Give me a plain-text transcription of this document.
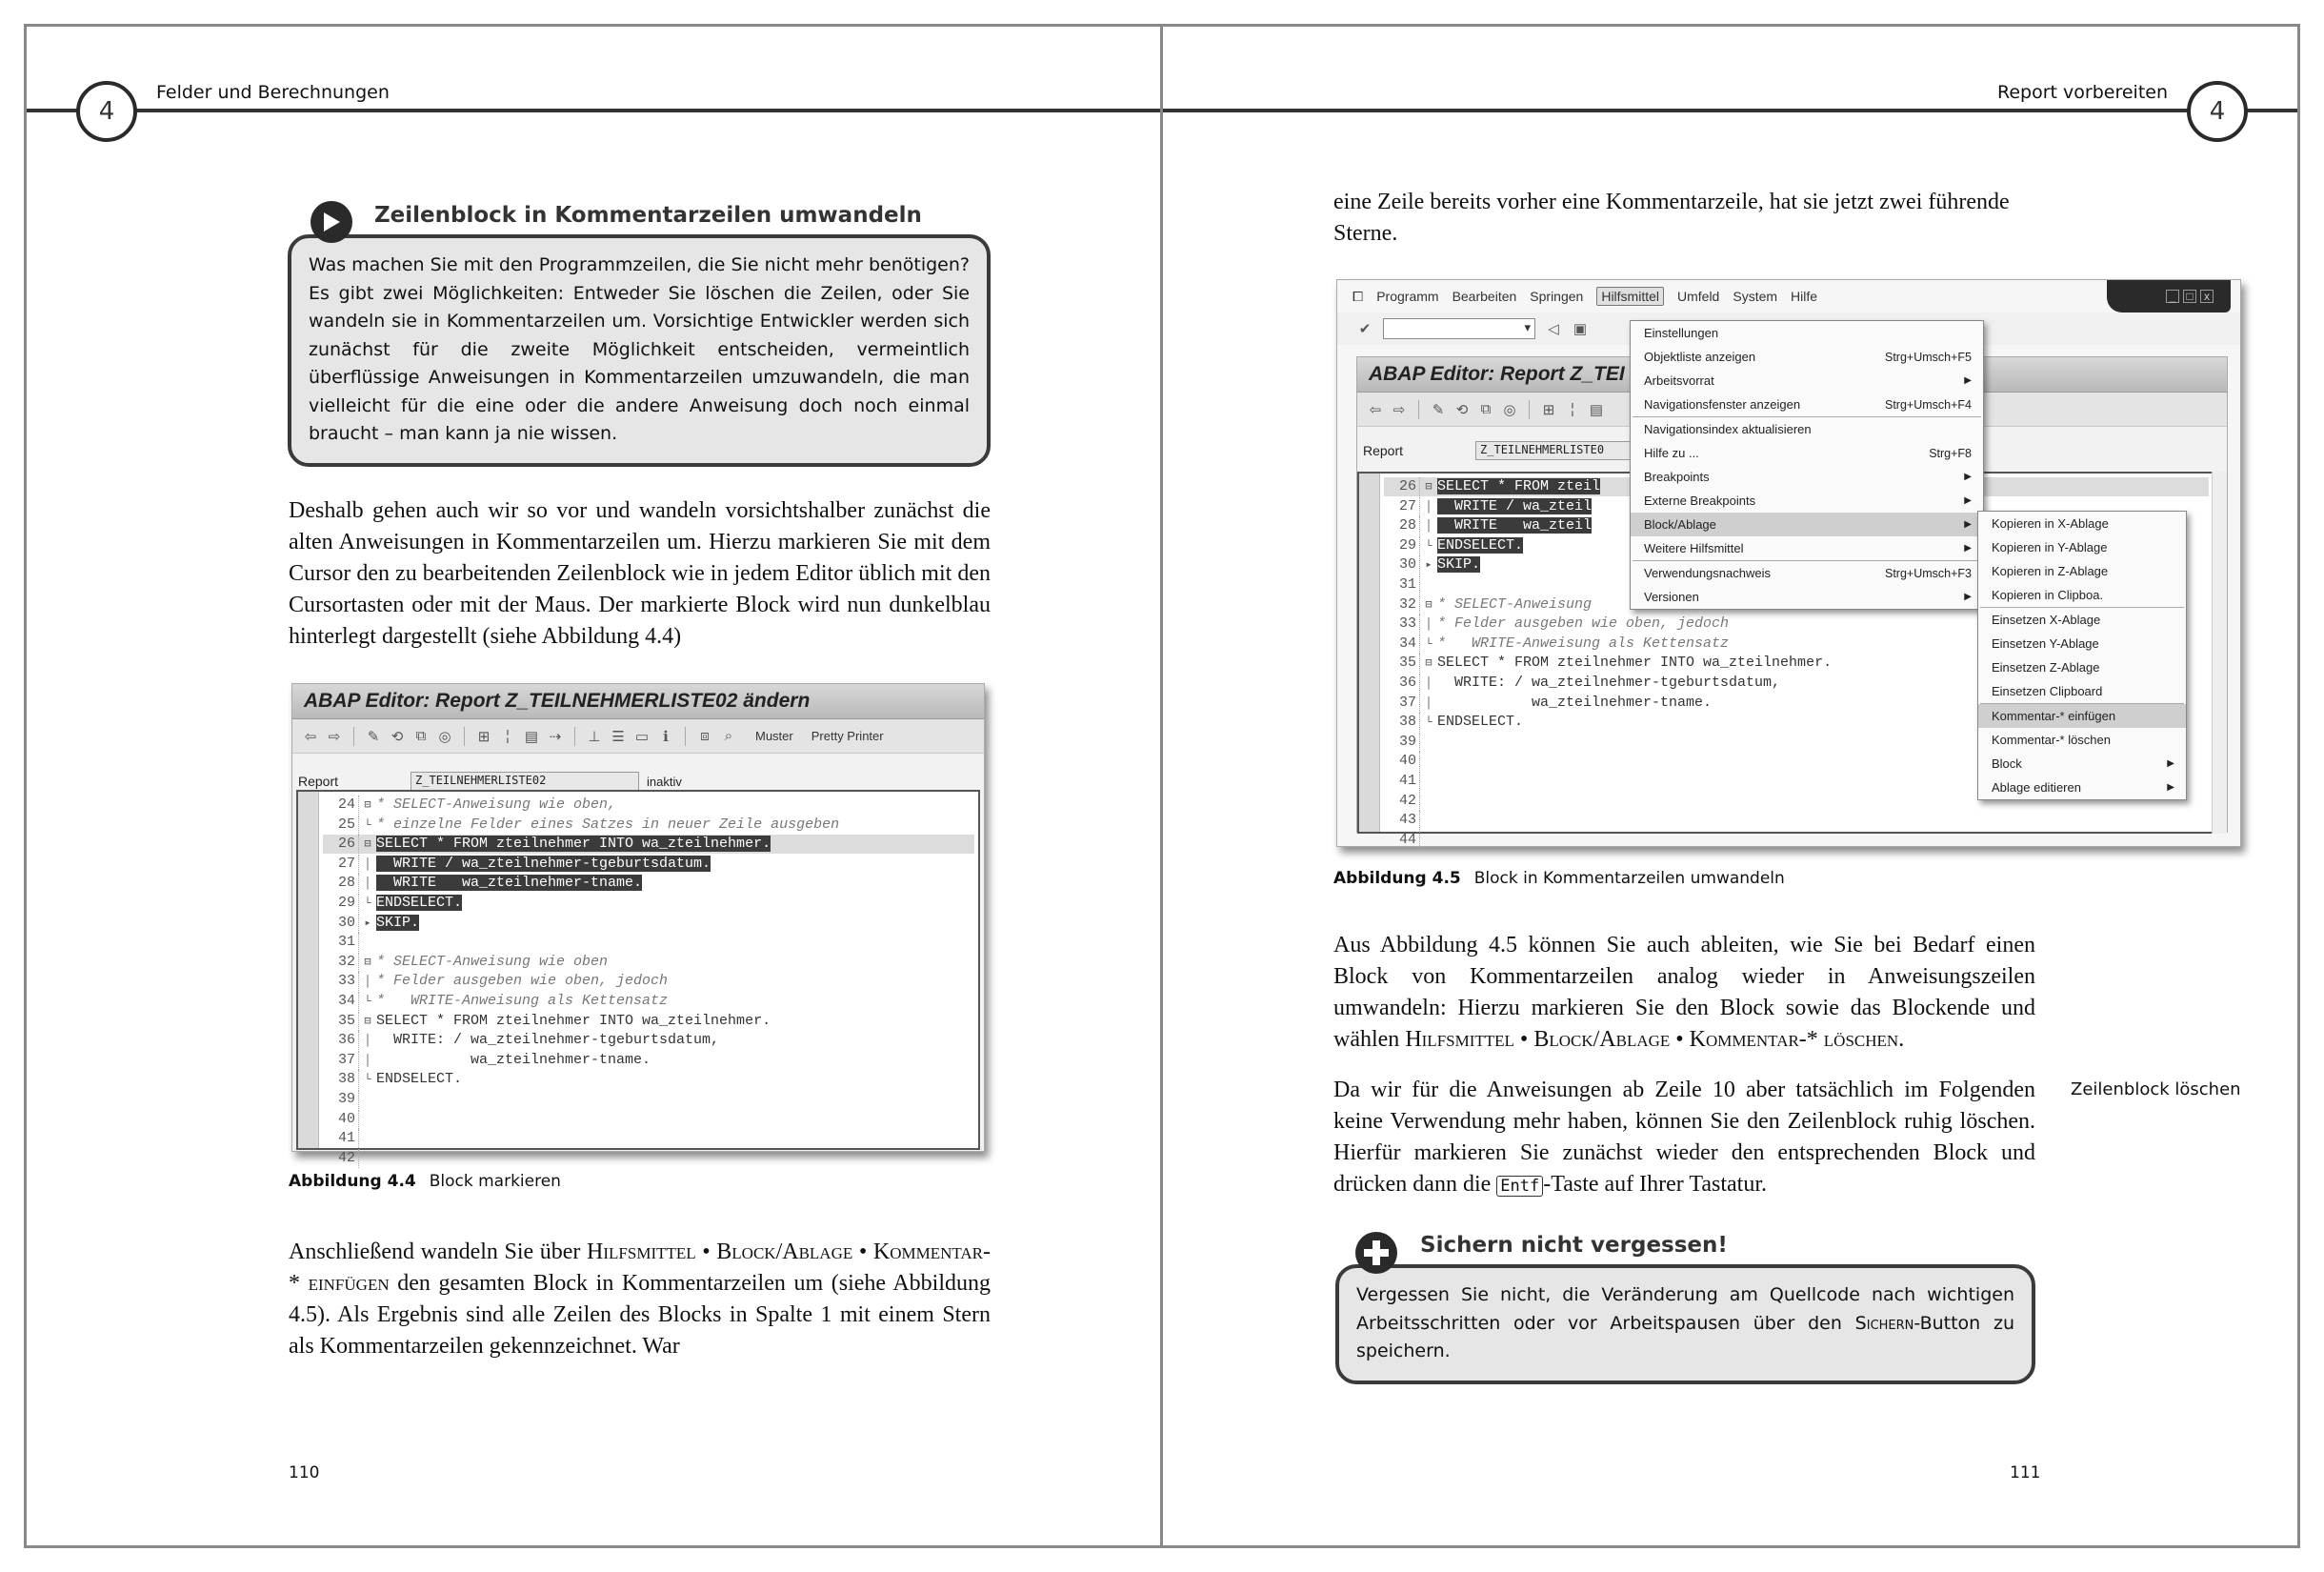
4
Felder und Berechnungen
Zeilenblock in Kommentarzeilen umwandeln
Was machen Sie mit den Programmzeilen, die Sie nicht mehr benötigen? Es gibt zwei Möglichkeiten: Entweder Sie löschen die Zeilen, oder Sie wandeln sie in Kommentarzeilen um. Vorsichtige Entwickler werden sich zunächst für die zweite Möglichkeit entscheiden, vermeintlich überflüssige Anweisungen in Kommentarzeilen umzuwandeln, die man vielleicht für die eine oder die andere Anweisung doch noch einmal braucht – man kann ja nie wissen.
Deshalb gehen auch wir so vor und wandeln vorsichtshalber zunächst die alten Anweisungen in Kommentarzeilen um. Hierzu markieren Sie mit dem Cursor den zu bearbeitenden Zeilenblock wie in jedem Editor üblich mit den Cursortasten oder mit der Maus. Der markierte Block wird nun dunkelblau hinterlegt dargestellt (siehe Abbildung 4.4)
ABAP Editor: Report Z_TEILNEHMERLISTE02 ändern
⇦ ⇨ ✎ ⟲ ⧉ ◎ ⊞	¦	▤ ⇢ ⊥ ☰ ▭	ℹ	⧈	⌕	Muster Pretty Printer
Report	Z_TEILNEHMERLISTE02	inaktiv
24 ⊟ * SELECT-Anweisung wie oben,
25 └ * einzelne Felder eines Satzes in neuer Zeile ausgeben
26 ⊟ SELECT * FROM zteilnehmer INTO wa_zteilnehmer.
27 │  WRITE / wa_zteilnehmer-tgeburtsdatum.
28 │  WRITE   wa_zteilnehmer-tname.
29 └ ENDSELECT.
30 ▸ SKIP.
31
32 ⊟ * SELECT-Anweisung wie oben
33 │ * Felder ausgeben wie oben, jedoch
34 └ *   WRITE-Anweisung als Kettensatz
35 ⊟ SELECT * FROM zteilnehmer INTO wa_zteilnehmer.
36 │  WRITE: / wa_zteilnehmer-tgeburtsdatum,
37 │           wa_zteilnehmer-tname.
38 └ ENDSELECT.
39
40
41
42
Abbildung 4.4 Block markieren
Anschließend wandeln Sie über Hilfsmittel • Block/Ablage • Kommentar-* einfügen den gesamten Block in Kommentarzeilen um (siehe Abbildung 4.5). Als Ergebnis sind alle Zeilen des Blocks in Spalte 1 mit einem Stern als Kommentarzeilen gekennzeichnet. War
110
4
Report vorbereiten
eine Zeile bereits vorher eine Kommentarzeile, hat sie jetzt zwei führende Sterne.
⧠ Programm Bearbeiten Springen	Hilfsmittel	Umfeld System Hilfe	_ □ x
✔ ▾	◁ ▣
ABAP Editor: Report Z_TEI
⇦ ⇨ ✎ ⟲ ⧉ ◎ ⊞	¦	▤
Report	Z_TEILNEHMERLISTE0
26 ⊟ SELECT * FROM zteil
27 │  WRITE / wa_zteil
28 │  WRITE   wa_zteil
29 └ ENDSELECT.
30 ▸ SKIP.
31
32 ⊟ * SELECT-Anweisung
33 │ * Felder ausgeben wie oben, jedoch
34 └ *   WRITE-Anweisung als Kettensatz
35 ⊟ SELECT * FROM zteilnehmer INTO wa_zteilnehmer.
36 │  WRITE: / wa_zteilnehmer-tgeburtsdatum,
37 │           wa_zteilnehmer-tname.
38 └ ENDSELECT.
39
40
41
42
43
44
Einstellungen
Objektliste anzeigen	Strg+Umsch+F5
Arbeitsvorrat	▶
Navigationsfenster anzeigen	Strg+Umsch+F4
Navigationsindex aktualisieren
Hilfe zu ...	Strg+F8
Breakpoints	▶
Externe Breakpoints	▶
Block/Ablage	▶
Weitere Hilfsmittel	▶
Verwendungsnachweis	Strg+Umsch+F3
Versionen	▶
Kopieren in X-Ablage
Kopieren in Y-Ablage
Kopieren in Z-Ablage
Kopieren in Clipboa.
Einsetzen X-Ablage
Einsetzen Y-Ablage
Einsetzen Z-Ablage
Einsetzen Clipboard
Kommentar-* einfügen
Kommentar-* löschen
Block	▶
Ablage editieren	▶
Abbildung 4.5 Block in Kommentarzeilen umwandeln
Aus Abbildung 4.5 können Sie auch ableiten, wie Sie bei Bedarf einen Block von Kommentarzeilen analog wieder in Anweisungszeilen umwandeln: Hierzu markieren Sie den Block sowie das Blockende und wählen Hilfsmittel • Block/Ablage • Kommentar-* löschen.
Da wir für die Anweisungen ab Zeile 10 aber tatsächlich im Folgenden keine Verwendung mehr haben, können Sie den Zeilenblock ruhig löschen. Hierfür markieren Sie zunächst wieder den entsprechenden Block und drücken dann die Entf -Taste auf Ihrer Tastatur.
Zeilenblock löschen
Sichern nicht vergessen!
Vergessen Sie nicht, die Veränderung am Quellcode nach wichtigen Arbeitsschritten oder vor Arbeitspausen über den Sichern-Button zu speichern.
111
